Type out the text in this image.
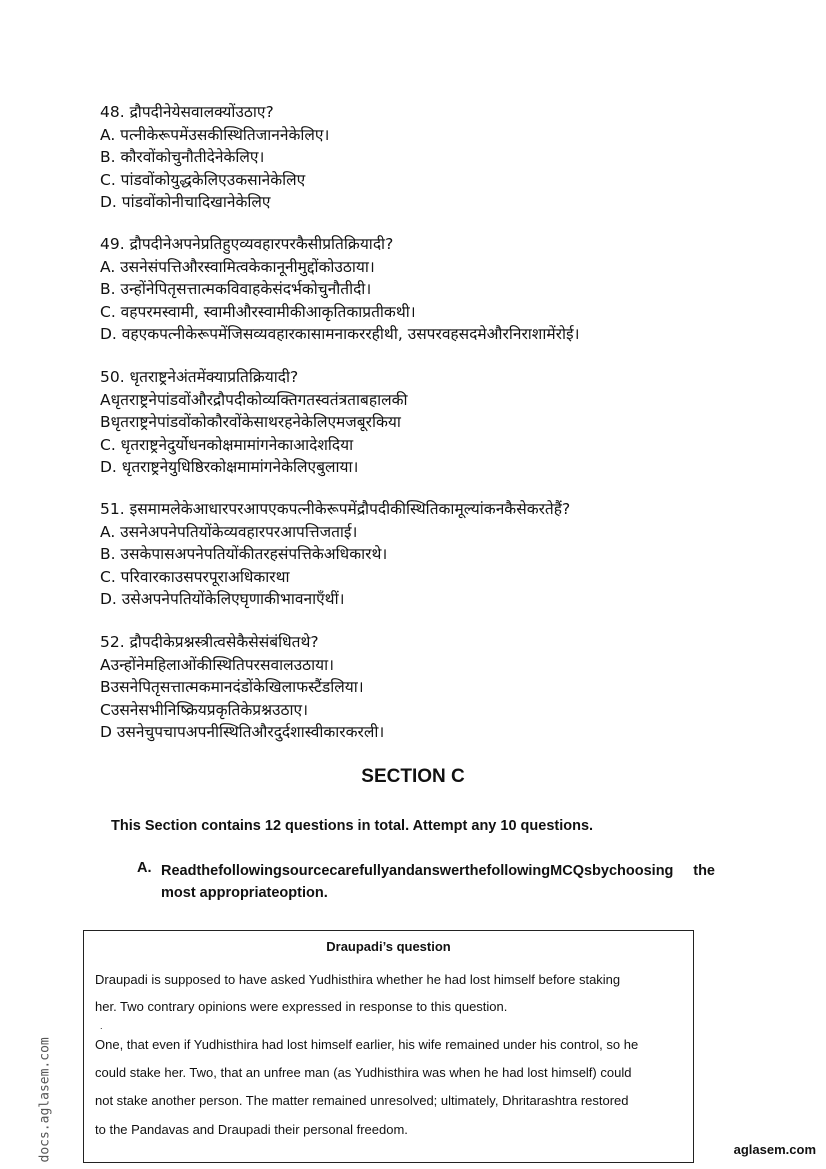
48. द्रौपदीनेयेसवालक्योंउठाए?
A. पत्नीकेरूपमेंउसकीस्थितिजाननेकेलिए।
B. कौरवोंकोचुनौतीदेनेकेलिए।
C. पांडवोंकोयुद्धकेलिएउकसानेकेलिए
D. पांडवोंकोनीचादिखानेकेलिए
49. द्रौपदीनेअपनेप्रतिहुएव्यवहारपरकैसीप्रतिक्रियादी?
A. उसनेसंपत्तिऔरस्वामित्वकेकानूनीमुद्दोंकोउठाया।
B. उन्होंनेपितृसत्तात्मकविवाहकेसंदर्भकोचुनौतीदी।
C. वहपरमस्वामी, स्वामीऔरस्वामीकीआकृतिकाप्रतीकथी।
D. वहएकपत्नीकेरूपमेंजिसव्यवहारकासामनाकररहीथी, उसपरवहसदमेऔरनिराशामेंरोई।
50. धृतराष्ट्रनेअंतमेंक्याप्रतिक्रियादी?
Aधृतराष्ट्रनेपांडवोंऔरद्रौपदीकोव्यक्तिगतस्वतंत्रताबहालकी
Bधृतराष्ट्रनेपांडवोंकोकौरवोंकेसाथरहनेकेलिएमजबूरकिया
C. धृतराष्ट्रनेदुर्योधनकोक्षमामांगनेकाआदेशदिया
D. धृतराष्ट्रनेयुधिष्ठिरकोक्षमामांगनेकेलिएबुलाया।
51. इसमामलेकेआधारपरआपएकपत्नीकेरूपमेंद्रौपदीकीस्थितिकामूल्यांकनकैसेकरतेहैं?
A. उसनेअपनेपतियोंकेव्यवहारपरआपत्तिजताई।
B. उसकेपासअपनेपतियोंकीतरहसंपत्तिकेअधिकारथे।
C. परिवारकाउसपरपूराअधिकारथा
D. उसेअपनेपतियोंकेलिएघृणाकीभावनाएँथीं।
52. द्रौपदीकेप्रश्नस्त्रीत्वसेकैसेसंबंधितथे?
Aउन्होंनेमहिलाओंकीस्थितिपरसवालउठाया।
Bउसनेपितृसत्तात्मकमानदंडोंकेखिलाफस्टैंडलिया।
Cउसनेसभीनिष्क्रियप्रकृतिकेप्रश्नउठाए।
D उसनेचुपचापअपनीस्थितिऔरदुर्दशास्वीकारकरली।
SECTION C
This Section contains 12 questions in total. Attempt any 10 questions.
A. ReadthefollowingsourcecarefullyandanswerthefollowingMCQsbychoosing the
most appropriateoption.
Draupadi’s question

Draupadi is supposed to have asked Yudhisthira whether he had lost himself before staking

her. Two contrary opinions were expressed in response to this question.

.

One, that even if Yudhisthira had lost himself earlier, his wife remained under his control, so he

could stake her. Two, that an unfree man (as Yudhisthira was when he had lost himself) could

not stake another person. The matter remained unresolved; ultimately, Dhritarashtra restored

to the Pandavas and Draupadi their personal freedom.

docs.aglasem.com	aglasem.com
